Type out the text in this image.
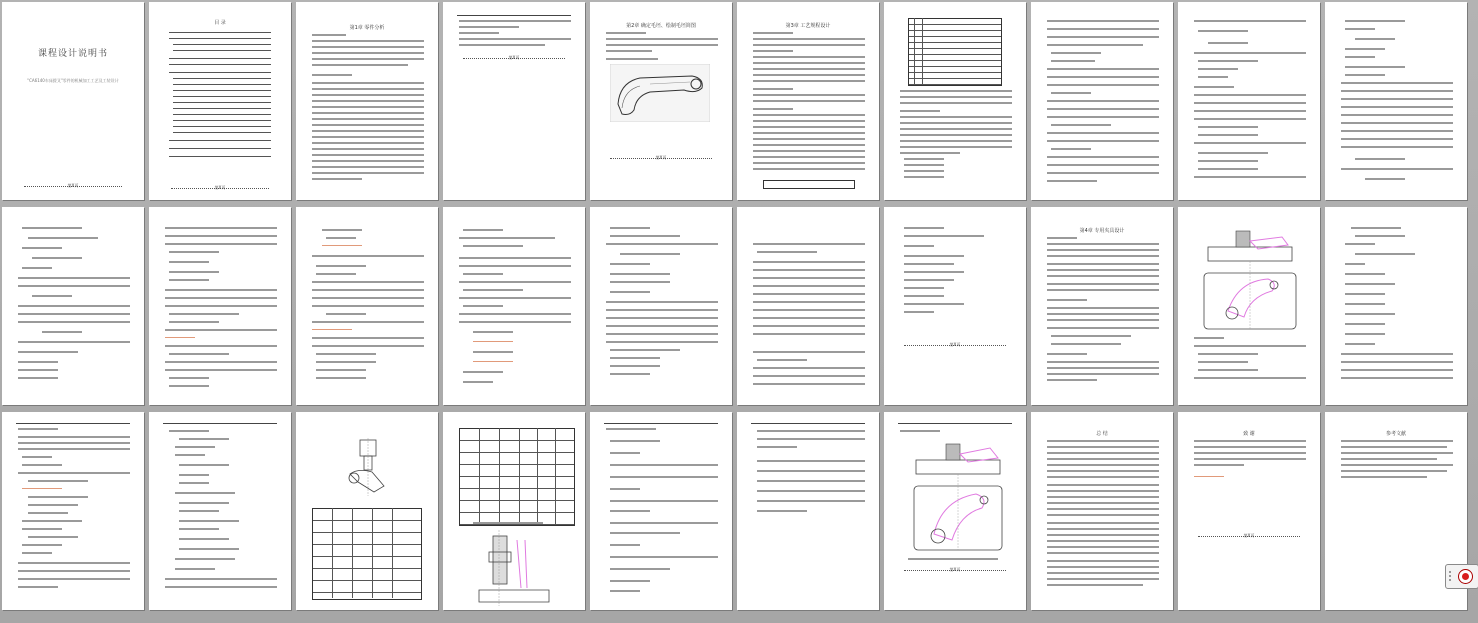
课程设计说明书
"CA6140车床拨叉"零件的机械加工工艺及工装设计
第X页
目 录
第X页
第1章 零件分析
第X页
第2章 确定毛坯、绘制毛坯简图
第X页
第3章 工艺规程设计
第X页
第4章 专用夹具设计
第X页
总 结	致 谢
第X页
参考文献
